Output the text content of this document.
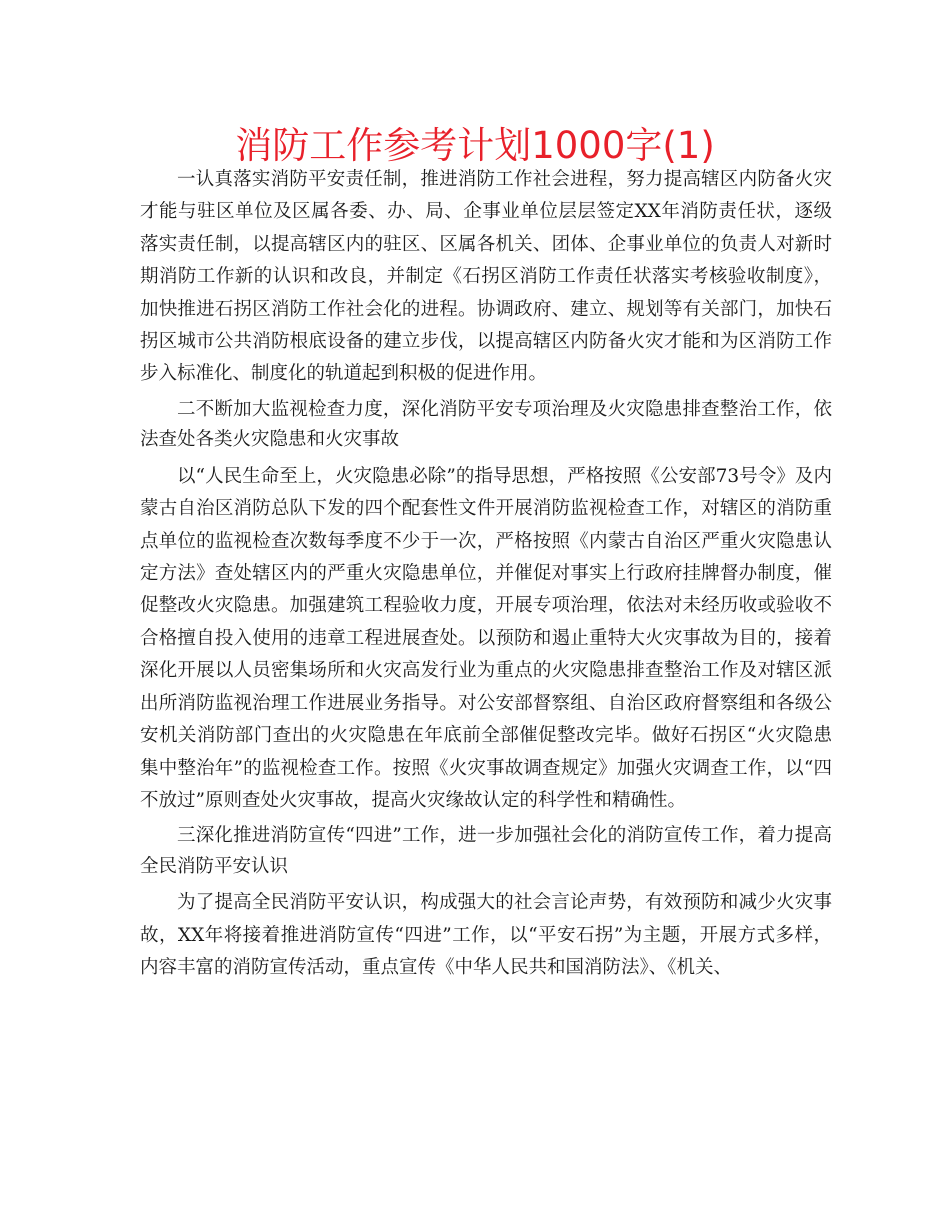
消防工作参考计划1000字(1)

一认真落实消防平安责任制，推进消防工作社会进程，努力提高辖区内防备火灾才能与驻区单位及区属各委、办、局、企事业单位层层签定XX年消防责任状，逐级落实责任制，以提高辖区内的驻区、区属各机关、团体、企事业单位的负责人对新时期消防工作新的认识和改良，并制定《石拐区消防工作责任状落实考核验收制度》，加快推进石拐区消防工作社会化的进程。协调政府、建立、规划等有关部门，加快石拐区城市公共消防根底设备的建立步伐，以提高辖区内防备火灾才能和为区消防工作步入标准化、制度化的轨道起到积极的促进作用。

二不断加大监视检查力度，深化消防平安专项治理及火灾隐患排查整治工作，依法查处各类火灾隐患和火灾事故

以“人民生命至上，火灾隐患必除”的指导思想，严格按照《公安部73号令》及内蒙古自治区消防总队下发的四个配套性文件开展消防监视检查工作，对辖区的消防重点单位的监视检查次数每季度不少于一次，严格按照《内蒙古自治区严重火灾隐患认定方法》查处辖区内的严重火灾隐患单位，并催促对事实上行政府挂牌督办制度，催促整改火灾隐患。加强建筑工程验收力度，开展专项治理，依法对未经历收或验收不合格擅自投入使用的违章工程进展查处。以预防和遏止重特大火灾事故为目的，接着深化开展以人员密集场所和火灾高发行业为重点的火灾隐患排查整治工作及对辖区派出所消防监视治理工作进展业务指导。对公安部督察组、自治区政府督察组和各级公安机关消防部门查出的火灾隐患在年底前全部催促整改完毕。做好石拐区“火灾隐患集中整治年”的监视检查工作。按照《火灾事故调查规定》加强火灾调查工作，以“四不放过”原则查处火灾事故，提高火灾缘故认定的科学性和精确性。

三深化推进消防宣传“四进”工作，进一步加强社会化的消防宣传工作，着力提高全民消防平安认识

为了提高全民消防平安认识，构成强大的社会言论声势，有效预防和减少火灾事故，XX年将接着推进消防宣传“四进”工作，以“平安石拐”为主题，开展方式多样，内容丰富的消防宣传活动，重点宣传《中华人民共和国消防法》、《机关、
